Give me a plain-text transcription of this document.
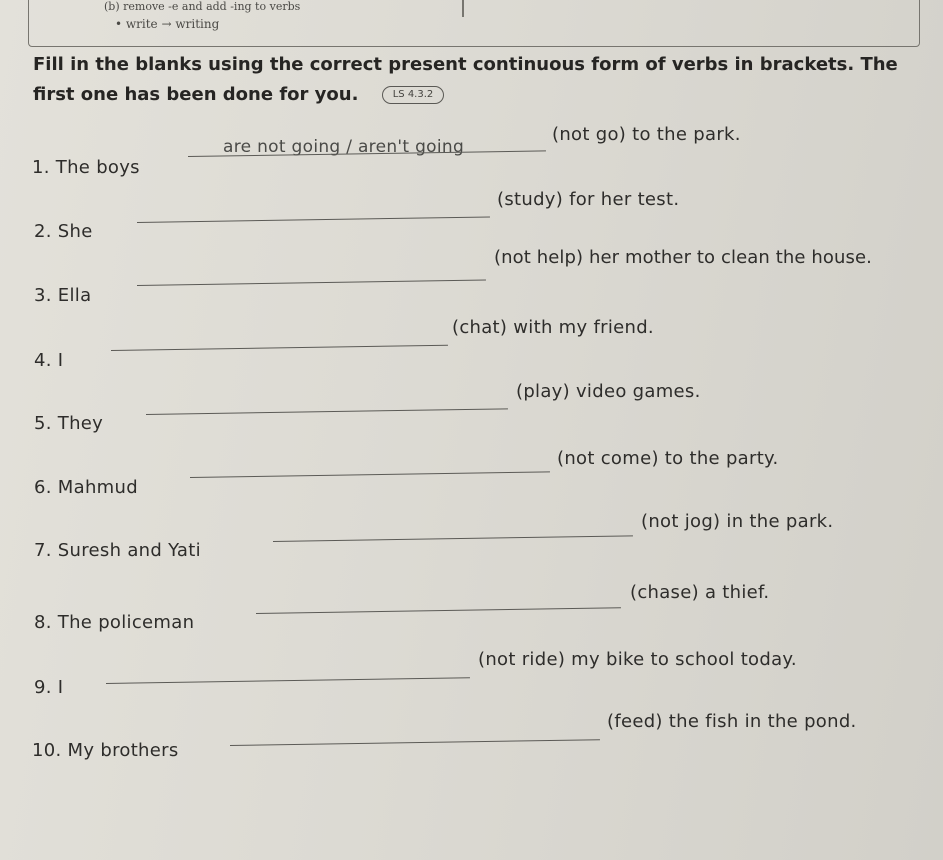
(b) remove -e and add -ing to verbs
• write → writing
Fill in the blanks using the correct present continuous form of verbs in brackets. The
first one has been done for you.	LS 4.3.2
1. The boys
are not going / aren't going
(not go) to the park.
2. She
(study) for her test.
3. Ella
(not help) her mother to clean the house.
4. I
(chat) with my friend.
5. They
(play) video games.
6. Mahmud
(not come) to the party.
7. Suresh and Yati
(not jog) in the park.
8. The policeman
(chase) a thief.
9. I
(not ride) my bike to school today.
10. My brothers
(feed) the fish in the pond.
